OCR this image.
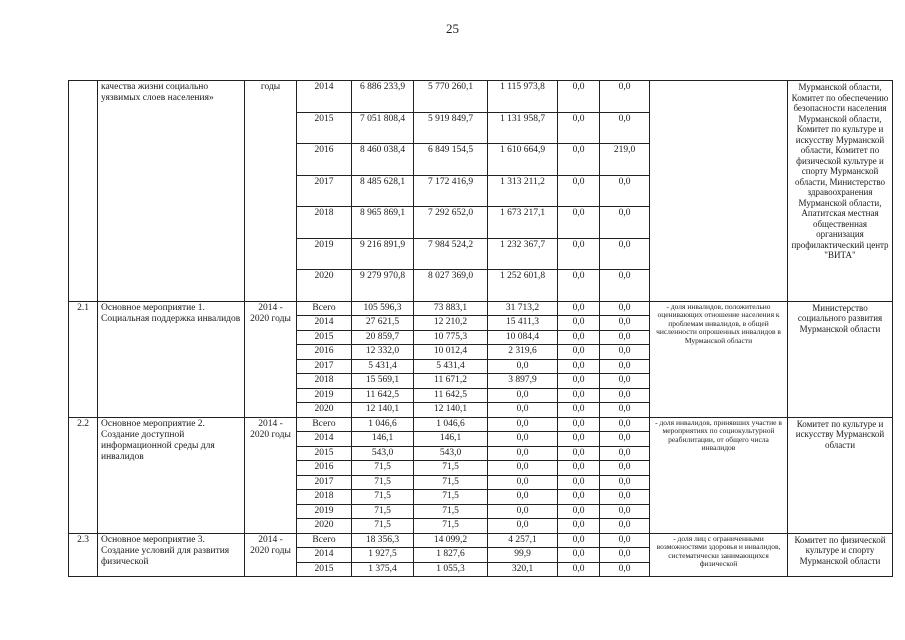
25
	качества жизни социально уязвимых слоев населения»	годы	2014	6 886 233,9	5 770 260,1	1 115 973,8	0,0	0,0		Мурманской области, Комитет по обеспечению безопасности населения Мурманской области, Комитет по культуре и искусству Мурманской области, Комитет по физической культуре и спорту Мурманской области, Министерство здравоохранения Мурманской области, Апатитская местная общественная организация профилактический центр "ВИТА"
			2015	7 051 808,4	5 919 849,7	1 131 958,7	0,0	0,0		
			2016	8 460 038,4	6 849 154,5	1 610 664,9	0,0	219,0		
			2017	8 485 628,1	7 172 416,9	1 313 211,2	0,0	0,0		
			2018	8 965 869,1	7 292 652,0	1 673 217,1	0,0	0,0		
			2019	9 216 891,9	7 984 524,2	1 232 367,7	0,0	0,0		
			2020	9 279 970,8	8 027 369,0	1 252 601,8	0,0	0,0		
2.1	Основное мероприятие 1. Социальная поддержка инвалидов	2014 - 2020 годы	Всего	105 596,3	73 883,1	31 713,2	0,0	0,0	- доля инвалидов, положительно оценивающих отношение населения к проблемам инвалидов, в общей численности опрошенных инвалидов в Мурманской области	Министерство социального развития Мурманской области
			2014	27 621,5	12 210,2	15 411,3	0,0	0,0		
			2015	20 859,7	10 775,3	10 084,4	0,0	0,0		
			2016	12 332,0	10 012,4	2 319,6	0,0	0,0		
			2017	5 431,4	5 431,4	0,0	0,0	0,0		
			2018	15 569,1	11 671,2	3 897,9	0,0	0,0		
			2019	11 642,5	11 642,5	0,0	0,0	0,0		
			2020	12 140,1	12 140,1	0,0	0,0	0,0		
2.2	Основное мероприятие 2. Создание доступной информационной среды для инвалидов	2014 - 2020 годы	Всего	1 046,6	1 046,6	0,0	0,0	0,0	- доля инвалидов, принявших участие в мероприятиях по социокультурной реабилитации, от общего числа инвалидов	Комитет по культуре и искусству Мурманской области
			2014	146,1	146,1	0,0	0,0	0,0		
			2015	543,0	543,0	0,0	0,0	0,0		
			2016	71,5	71,5	0,0	0,0	0,0		
			2017	71,5	71,5	0,0	0,0	0,0		
			2018	71,5	71,5	0,0	0,0	0,0		
			2019	71,5	71,5	0,0	0,0	0,0		
			2020	71,5	71,5	0,0	0,0	0,0		
2.3	Основное мероприятие 3. Создание условий для развития физической	2014 - 2020 годы	Всего	18 356,3	14 099,2	4 257,1	0,0	0,0	- доля лиц с ограниченными возможностями здоровья и инвалидов, систематически занимающихся физической	Комитет по физической культуре и спорту Мурманской области
			2014	1 927,5	1 827,6	99,9	0,0	0,0		
			2015	1 375,4	1 055,3	320,1	0,0	0,0		
